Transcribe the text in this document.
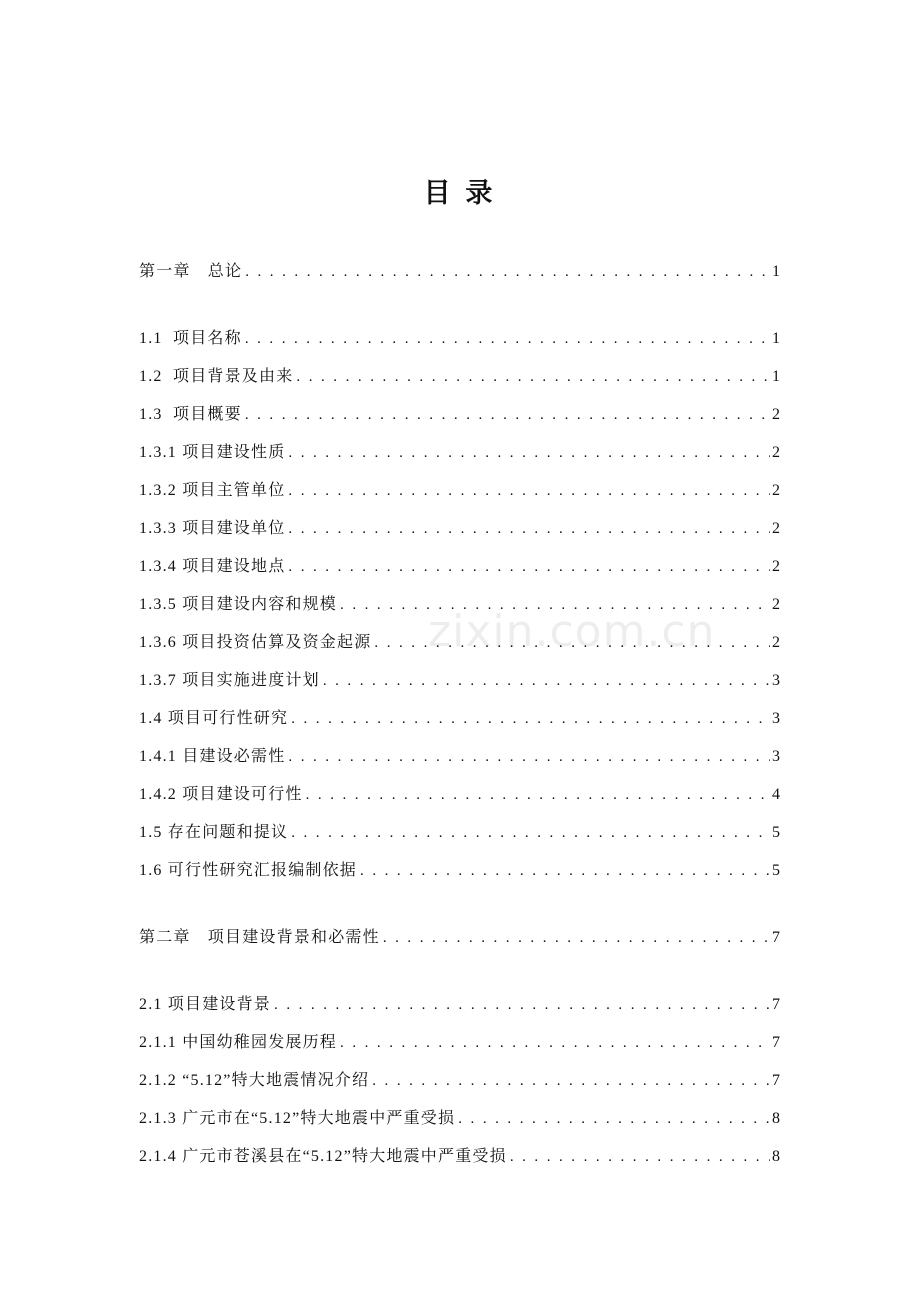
目 录
第一章　总论 . . .	1
1.1  项目名称 . . .	1
1.2  项目背景及由来 . . .	1
1.3  项目概要 . . .	2
1.3.1 项目建设性质 . . .	2
1.3.2 项目主管单位 . . .	2
1.3.3 项目建设单位 . . .	2
1.3.4 项目建设地点 . . .	2
1.3.5 项目建设内容和规模 . . .	2
1.3.6 项目投资估算及资金起源 . . .	2
1.3.7 项目实施进度计划 . . .	3
1.4 项目可行性研究 . . .	3
1.4.1 目建设必需性 . . .	3
1.4.2 项目建设可行性 . . .	4
1.5 存在问题和提议 . . .	5
1.6 可行性研究汇报编制依据 . . .	5
第二章　项目建设背景和必需性 . . .	7
2.1 项目建设背景 . . .	7
2.1.1 中国幼稚园发展历程 . . .	7
2.1.2 “5.12”特大地震情况介绍 . . .	7
2.1.3 广元市在“5.12”特大地震中严重受损 . . .	8
2.1.4 广元市苍溪县在“5.12”特大地震中严重受损 . . .	8
zixin.com.cn
